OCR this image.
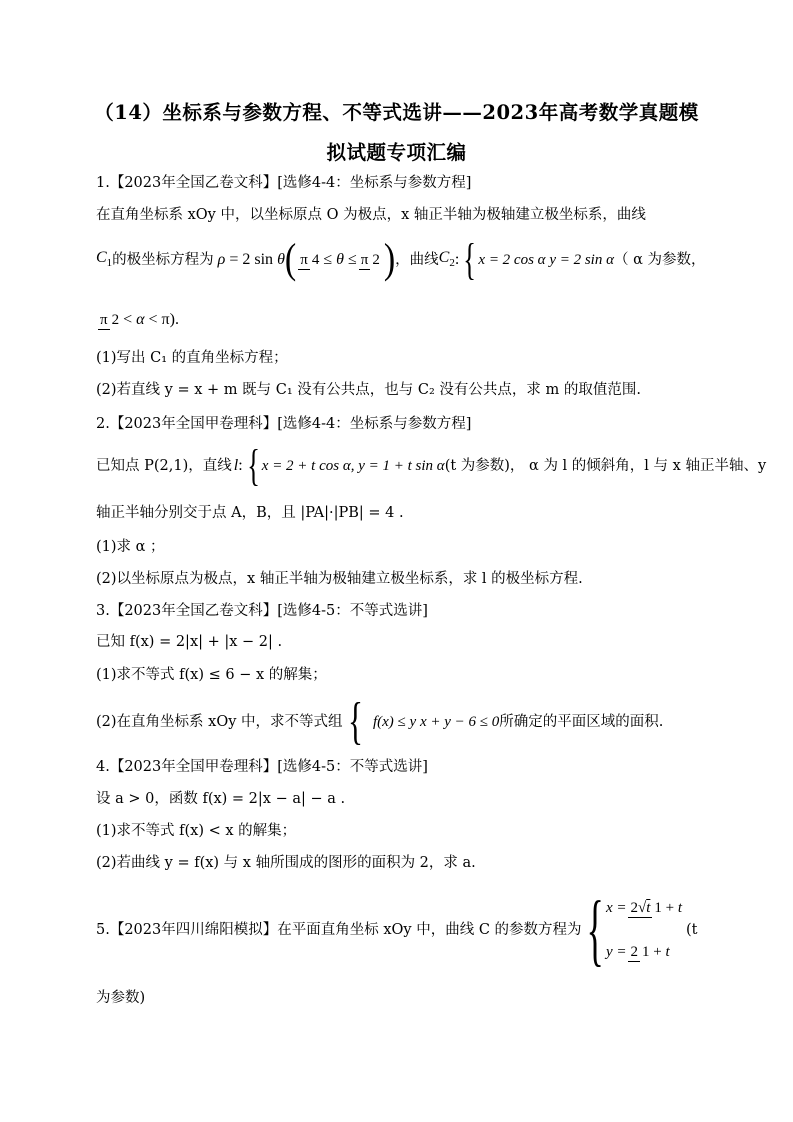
（14）坐标系与参数方程、不等式选讲——2023年高考数学真题模
拟试题专项汇编
1.【2023年全国乙卷文科】[选修4-4：坐标系与参数方程]
在直角坐标系 xOy 中，以坐标原点 O 为极点，x 轴正半轴为极轴建立极坐标系，曲线
C1 的极坐标方程为 ρ = 2 sin θ ( π 4 ≤ θ ≤ π 2 ) ，曲线 C2 : { x = 2 cos α y = 2 sin α （ α 为参数，
π 2 < α < π).
(1)写出 C₁ 的直角坐标方程；
(2)若直线 y = x + m 既与 C₁ 没有公共点，也与 C₂ 没有公共点，求 m 的取值范围.
2.【2023年全国甲卷理科】[选修4-4：坐标系与参数方程]
已知点 P(2,1)，直线 l : { x = 2 + t cos α, y = 1 + t sin α (t 为参数)， α 为 l 的倾斜角，l 与 x 轴正半轴、y
轴正半轴分别交于点 A，B，且 |PA|·|PB| = 4 .
(1)求 α ；
(2)以坐标原点为极点，x 轴正半轴为极轴建立极坐标系，求 l 的极坐标方程.
3.【2023年全国乙卷文科】[选修4-5：不等式选讲]
已知 f(x) = 2|x| + |x − 2| .
(1)求不等式 f(x) ≤ 6 − x 的解集；
(2)在直角坐标系 xOy 中，求不等式组 { f(x) ≤ y x + y − 6 ≤ 0 所确定的平面区域的面积.
4.【2023年全国甲卷理科】[选修4-5：不等式选讲]
设 a > 0，函数 f(x) = 2|x − a| − a .
(1)求不等式 f(x) < x 的解集；
(2)若曲线 y = f(x) 与 x 轴所围成的图形的面积为 2，求 a.
5.【2023年四川绵阳模拟】在平面直角坐标 xOy 中，曲线 C 的参数方程为 { x = 2√t 1 + t
y = 2 1 + t
(t
为参数)
